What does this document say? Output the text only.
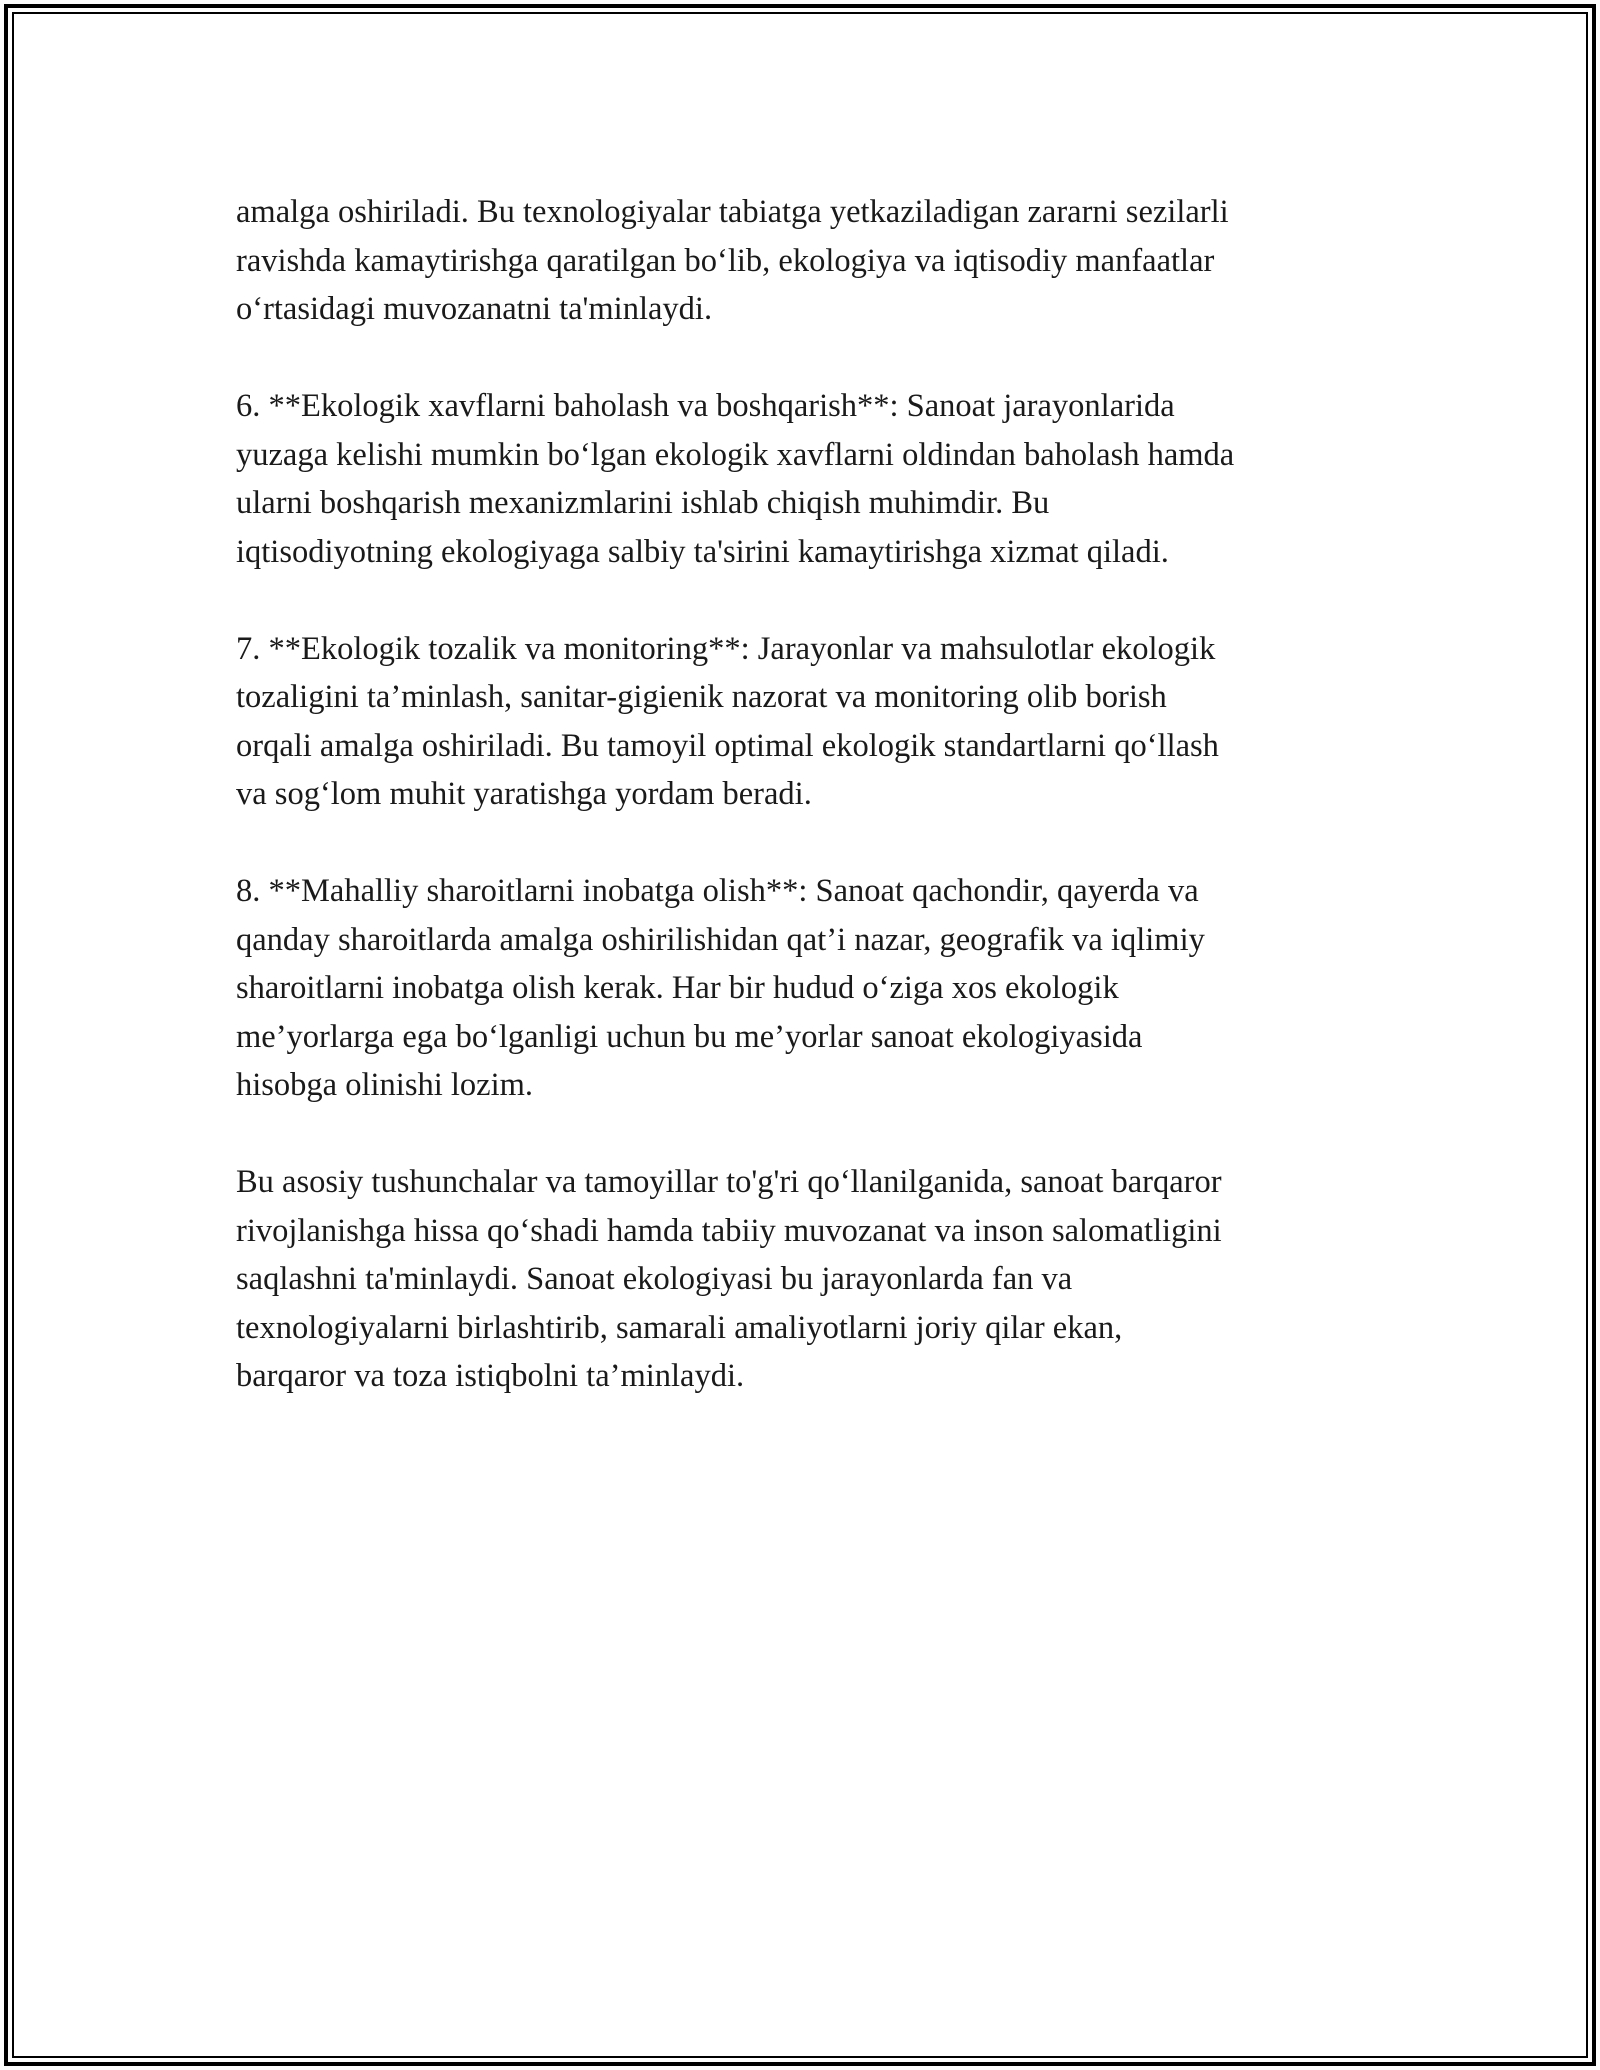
amalga oshiriladi. Bu texnologiyalar tabiatga yetkaziladigan zararni sezilarli
ravishda kamaytirishga qaratilgan bo‘lib, ekologiya va iqtisodiy manfaatlar
o‘rtasidagi muvozanatni ta'minlaydi.

6. **Ekologik xavflarni baholash va boshqarish**: Sanoat jarayonlarida
yuzaga kelishi mumkin bo‘lgan ekologik xavflarni oldindan baholash hamda
ularni boshqarish mexanizmlarini ishlab chiqish muhimdir. Bu
iqtisodiyotning ekologiyaga salbiy ta'sirini kamaytirishga xizmat qiladi.

7. **Ekologik tozalik va monitoring**: Jarayonlar va mahsulotlar ekologik
tozaligini ta’minlash, sanitar-gigienik nazorat va monitoring olib borish
orqali amalga oshiriladi. Bu tamoyil optimal ekologik standartlarni qo‘llash
va sog‘lom muhit yaratishga yordam beradi.

8. **Mahalliy sharoitlarni inobatga olish**: Sanoat qachondir, qayerda va
qanday sharoitlarda amalga oshirilishidan qat’i nazar, geografik va iqlimiy
sharoitlarni inobatga olish kerak. Har bir hudud o‘ziga xos ekologik
me’yorlarga ega bo‘lganligi uchun bu me’yorlar sanoat ekologiyasida
hisobga olinishi lozim.

Bu asosiy tushunchalar va tamoyillar to'g'ri qo‘llanilganida, sanoat barqaror
rivojlanishga hissa qo‘shadi hamda tabiiy muvozanat va inson salomatligini
saqlashni ta'minlaydi. Sanoat ekologiyasi bu jarayonlarda fan va
texnologiyalarni birlashtirib, samarali amaliyotlarni joriy qilar ekan,
barqaror va toza istiqbolni ta’minlaydi.
